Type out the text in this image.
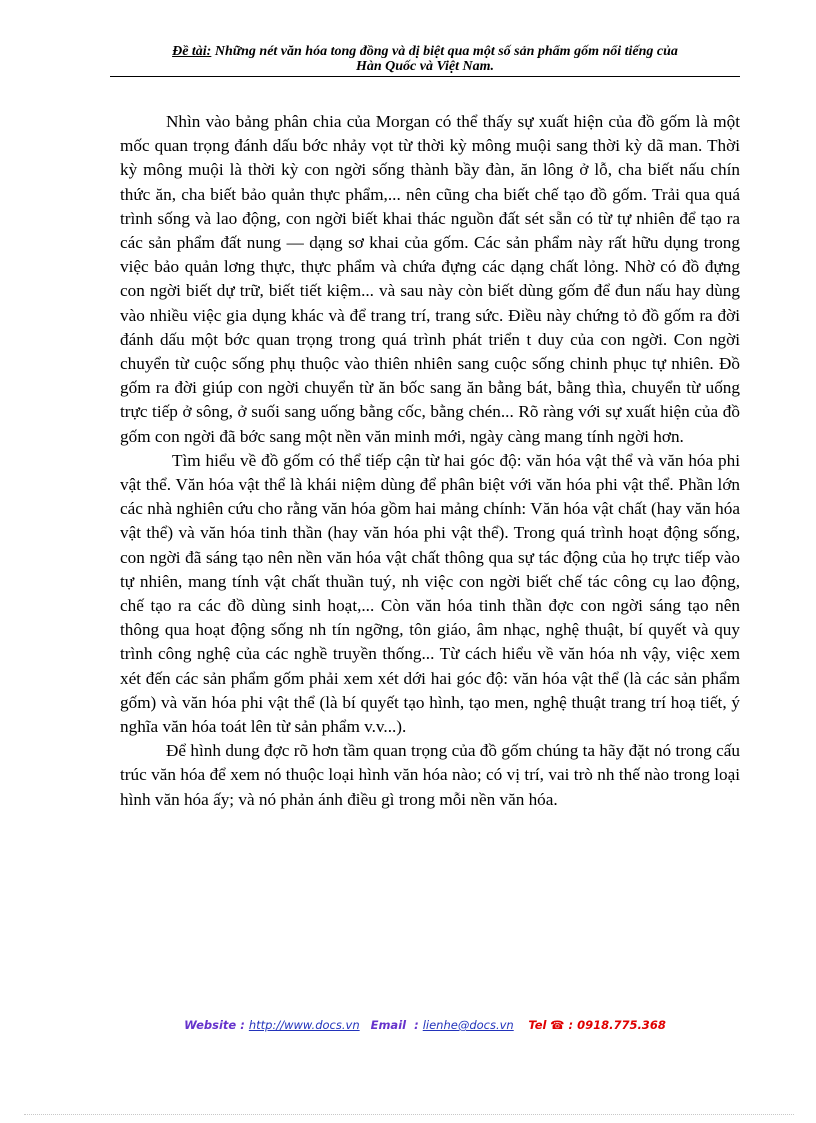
Đề tài: Những nét văn hóa tong đồng và dị biệt qua một số sản phẩm gốm nổi tiếng của
Hàn Quốc và Việt Nam.

Nhìn vào bảng phân chia của Morgan có thể thấy sự xuất hiện của đồ gốm là một mốc quan trọng đánh dấu bớc nhảy vọt từ thời kỳ mông muội sang thời kỳ dã man. Thời kỳ mông muội là thời kỳ con ngời sống thành bầy đàn, ăn lông ở lỗ, cha biết nấu chín thức ăn, cha biết bảo quản thực phẩm,... nên cũng cha biết chế tạo đồ gốm. Trải qua quá trình sống và lao động, con ngời biết khai thác nguồn đất sét sẵn có từ tự nhiên để tạo ra các sản phẩm đất nung — dạng sơ khai của gốm. Các sản phẩm này rất hữu dụng trong việc bảo quản lơng thực, thực phẩm và chứa đựng các dạng chất lỏng. Nhờ có đồ đựng con ngời biết dự trữ, biết tiết kiệm... và sau này còn biết dùng gốm để đun nấu hay dùng vào nhiều việc gia dụng khác và để trang trí, trang sức. Điều này chứng tỏ đồ gốm ra đời đánh dấu một bớc quan trọng trong quá trình phát triển t duy của con ngời. Con ngời chuyển từ cuộc sống phụ thuộc vào thiên nhiên sang cuộc sống chinh phục tự nhiên. Đồ gốm ra đời giúp con ngời chuyển từ ăn bốc sang ăn bằng bát, bằng thìa, chuyển từ uống trực tiếp ở sông, ở suối sang uống bằng cốc, bằng chén... Rõ ràng với sự xuất hiện của đồ gốm con ngời đã bớc sang một nền văn minh mới, ngày càng mang tính ngời hơn.

Tìm hiểu về đồ gốm có thể tiếp cận từ hai góc độ: văn hóa vật thể và văn hóa phi vật thể. Văn hóa vật thể là khái niệm dùng để phân biệt với văn hóa phi vật thể. Phần lớn các nhà nghiên cứu cho rằng văn hóa gồm hai mảng chính: Văn hóa vật chất (hay văn hóa vật thể) và văn hóa tinh thần (hay văn hóa phi vật thể). Trong quá trình hoạt động sống, con ngời đã sáng tạo nên nền văn hóa vật chất thông qua sự tác động của họ trực tiếp vào tự nhiên, mang tính vật chất thuần tuý, nh việc con ngời biết chế tác công cụ lao động, chế tạo ra các đồ dùng sinh hoạt,... Còn văn hóa tinh thần đợc con ngời sáng tạo nên thông qua hoạt động sống nh tín ngỡng, tôn giáo, âm nhạc, nghệ thuật, bí quyết và quy trình công nghệ của các nghề truyền thống... Từ cách hiểu về văn hóa nh vậy, việc xem xét đến các sản phẩm gốm phải xem xét dới hai góc độ: văn hóa vật thể (là các sản phẩm gốm) và văn hóa phi vật thể (là bí quyết tạo hình, tạo men, nghệ thuật trang trí hoạ tiết, ý nghĩa văn hóa toát lên từ sản phẩm v.v...).

Để hình dung đợc rõ hơn tầm quan trọng của đồ gốm chúng ta hãy đặt nó trong cấu trúc văn hóa để xem nó thuộc loại hình văn hóa nào; có vị trí, vai trò nh thế nào trong loại hình văn hóa ấy; và nó phản ánh điều gì trong mỗi nền văn hóa.

Website : http://www.docs.vn Email  : lienhe@docs.vn Tel ☎ : 0918.775.368
